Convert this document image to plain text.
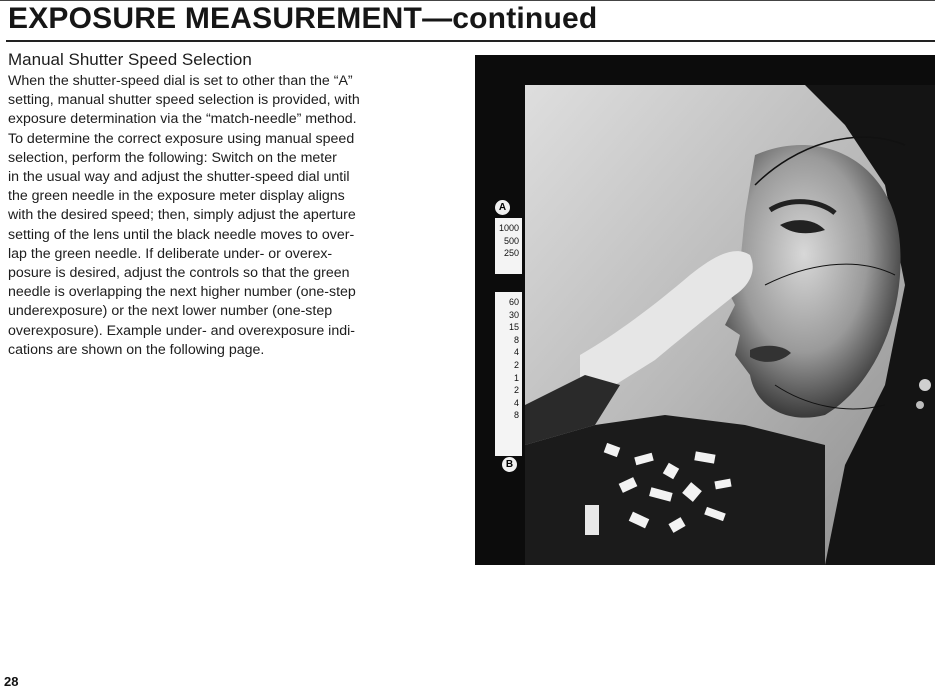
EXPOSURE MEASUREMENT—continued
Manual Shutter Speed Selection
When the shutter-speed dial is set to other than the “A”
setting, manual shutter speed selection is provided, with
exposure determination via the “match-needle” method.
To determine the correct exposure using manual speed
selection, perform the following: Switch on the meter
in the usual way and adjust the shutter-speed dial until
the green needle in the exposure meter display aligns
with the desired speed; then, simply adjust the aperture
setting of the lens until the black needle moves to over-
lap the green needle. If deliberate under- or overex-
posure is desired, adjust the controls so that the green
needle is overlapping the next higher number (one-step
underexposure) or the next lower number (one-step
overexposure). Example under- and overexposure indi-
cations are shown on the following page.
A
1000
500
250
60
30
15
8
4
2
1
2
4
8
B
28
